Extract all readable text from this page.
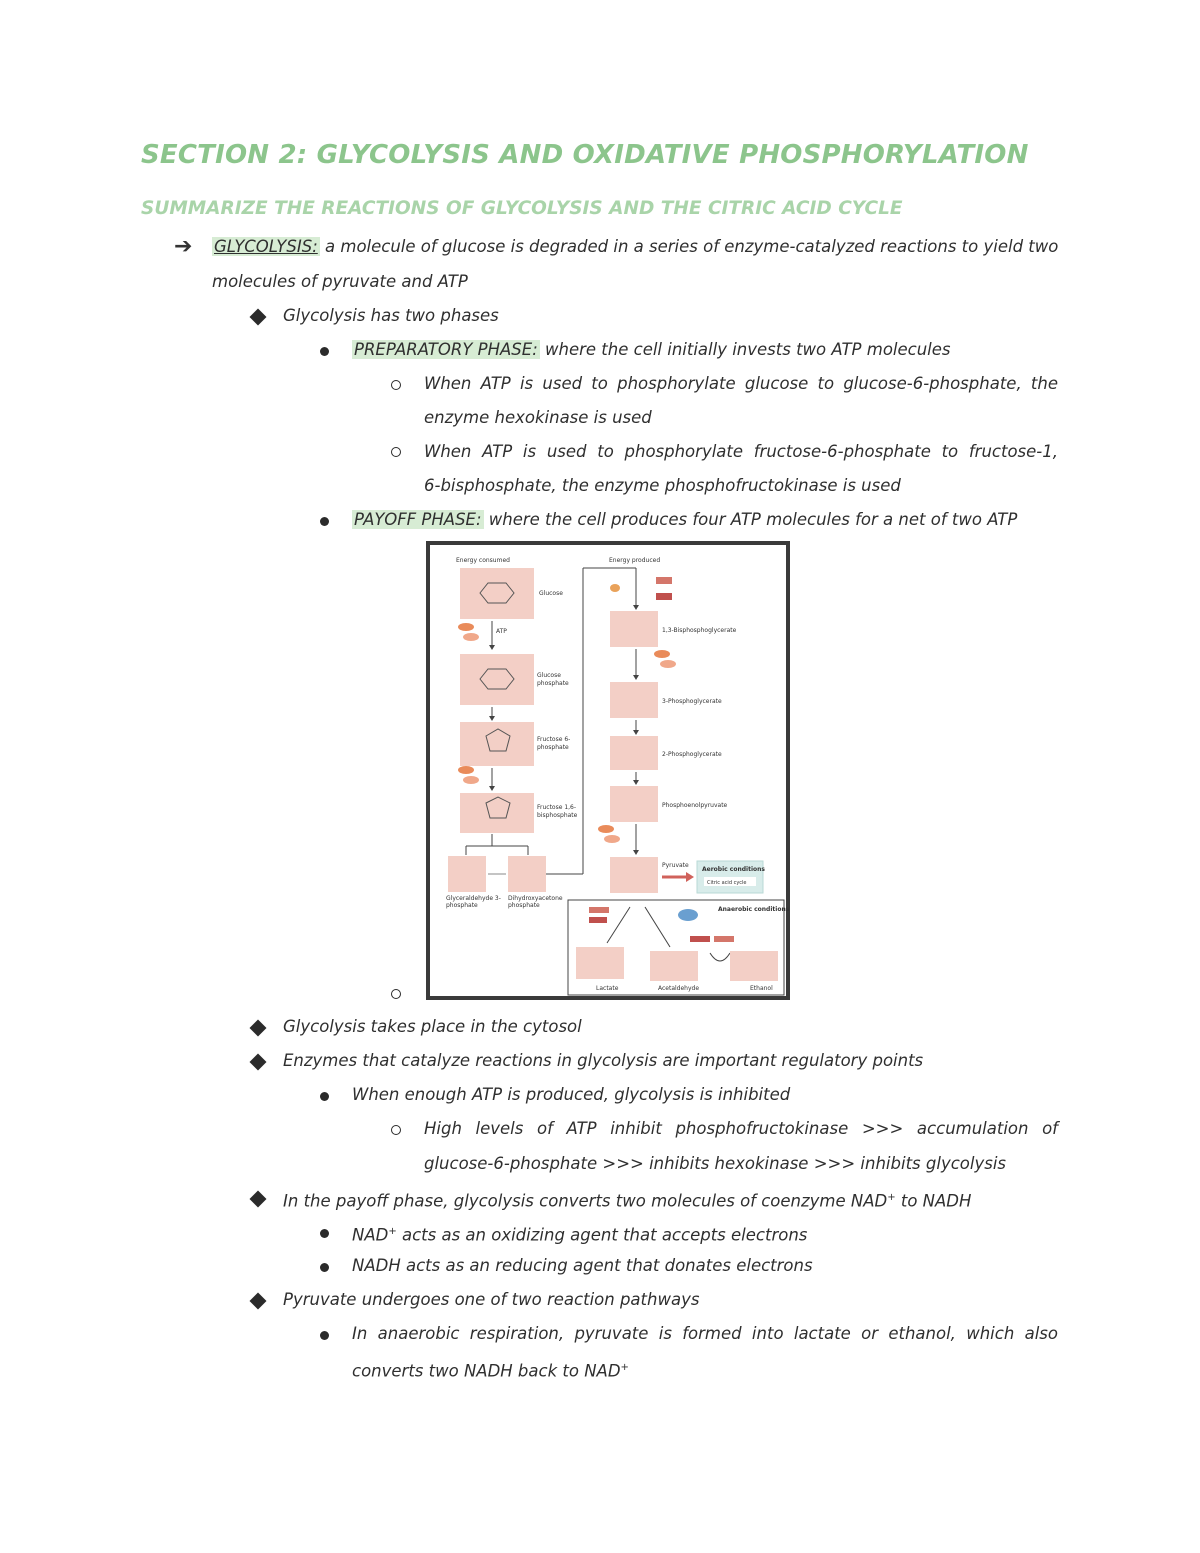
SECTION 2: GLYCOLYSIS AND OXIDATIVE PHOSPHORYLATION
SUMMARIZE THE REACTIONS OF GLYCOLYSIS AND THE CITRIC ACID CYCLE
➔ GLYCOLYSIS: a molecule of glucose is degraded in a series of enzyme-catalyzed reactions to yield two
molecules of pyruvate and ATP
Glycolysis has two phases
PREPARATORY PHASE: where the cell initially invests two ATP molecules
When ATP is used to phosphorylate glucose to glucose-6-phosphate, the
enzyme hexokinase is used
When ATP is used to phosphorylate fructose-6-phosphate to fructose-1,
6-bisphosphate, the enzyme phosphofructokinase is used
PAYOFF PHASE: where the cell produces four ATP molecules for a net of two ATP
Energy consumed	Energy produced
Glucose
ATP
Glucose
phosphate
Fructose 6-
phosphate
Fructose 1,6-
bisphosphate
Glyceraldehyde 3-
phosphate
Dihydroxyacetone
phosphate
1,3-Bisphosphoglycerate
3-Phosphoglycerate
2-Phosphoglycerate
Phosphoenolpyruvate
Pyruvate
Aerobic conditions
Citric acid cycle
Anaerobic conditions
Lactate	Acetaldehyde	Ethanol
Glycolysis takes place in the cytosol
Enzymes that catalyze reactions in glycolysis are important regulatory points
When enough ATP is produced, glycolysis is inhibited
High levels of ATP inhibit phosphofructokinase >>> accumulation of
glucose-6-phosphate >>> inhibits hexokinase >>> inhibits glycolysis
In the payoff phase, glycolysis converts two molecules of coenzyme NAD+ to NADH
NAD+ acts as an oxidizing agent that accepts electrons
NADH acts as an reducing agent that donates electrons
Pyruvate undergoes one of two reaction pathways
In anaerobic respiration, pyruvate is formed into lactate or ethanol, which also
converts two NADH back to NAD+
